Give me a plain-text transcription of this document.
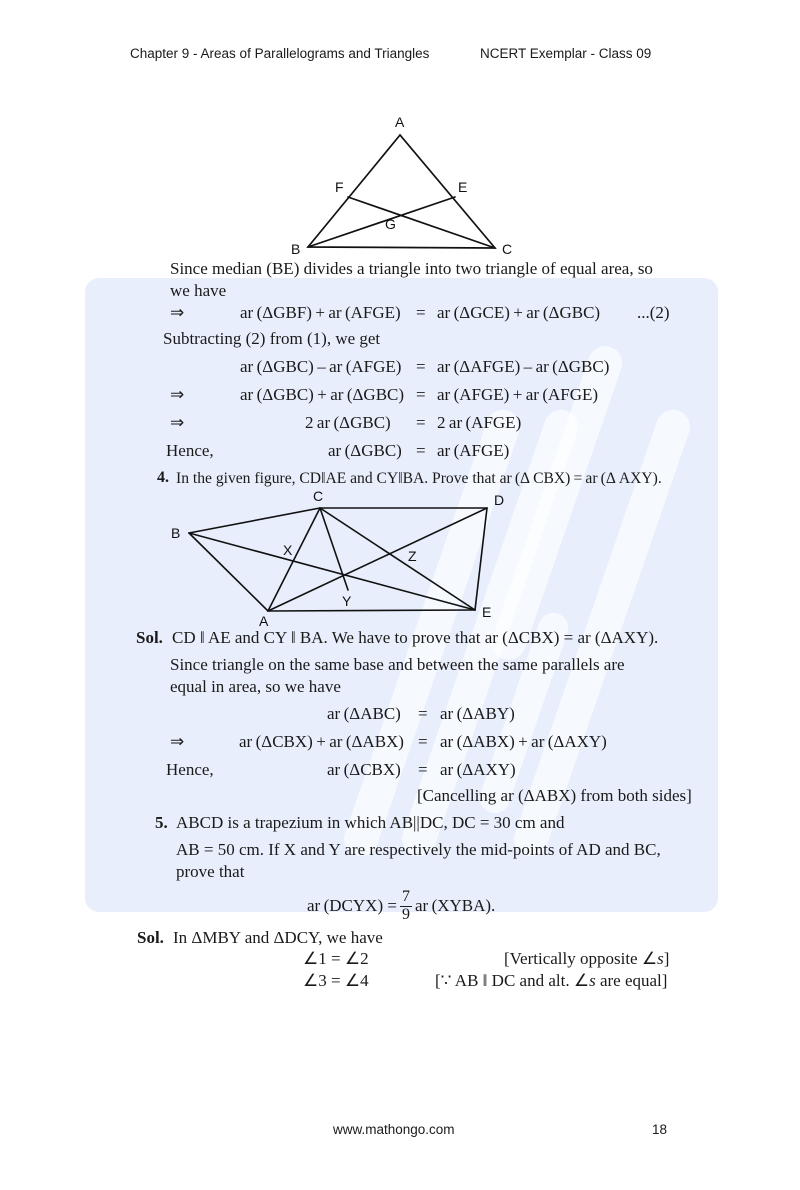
Chapter 9 - Areas of Parallelograms and Triangles	NCERT Exemplar - Class 09
A
F	E
G
B	C
Since median (BE) divides a triangle into two triangle of equal area, so
we have
⇒	ar (ΔGBF) + ar (AFGE) = ar (ΔGCE) + ar (ΔGBC) ...(2)
Subtracting (2) from (1), we get
ar (ΔGBC) – ar (AFGE) = ar (ΔAFGE) – ar (ΔGBC)
⇒	ar (ΔGBC) + ar (ΔGBC) = ar (AFGE) + ar (AFGE)
⇒	2 ar (ΔGBC) = 2 ar (AFGE)
Hence,	ar (ΔGBC) = ar (AFGE)
4. In the given figure, CD‖AE and CY‖BA. Prove that ar (Δ CBX) = ar (Δ AXY).
C	D
B
X	Z
Y
A
E
Sol. CD ‖ AE and CY ‖ BA. We have to prove that ar (ΔCBX) = ar (ΔAXY).
Since triangle on the same base and between the same parallels are
equal in area, so we have
ar (ΔABC) = ar (ΔABY)
⇒	ar (ΔCBX) + ar (ΔABX) = ar (ΔABX) + ar (ΔAXY)
Hence,	ar (ΔCBX) = ar (ΔAXY)
[Cancelling ar (ΔABX) from both sides]
5. ABCD is a trapezium in which AB||DC, DC = 30 cm and
AB = 50 cm. If X and Y are respectively the mid-points of AD and BC,
prove that
ar (DCYX) = $\frac{7}{9}$ ar (XYBA).
Sol. In ΔMBY and ΔDCY, we have
∠1 = ∠2	[Vertically opposite ∠s]
∠3 = ∠4	[∵ AB ‖ DC and alt. ∠s are equal]
www.mathongo.com	18
